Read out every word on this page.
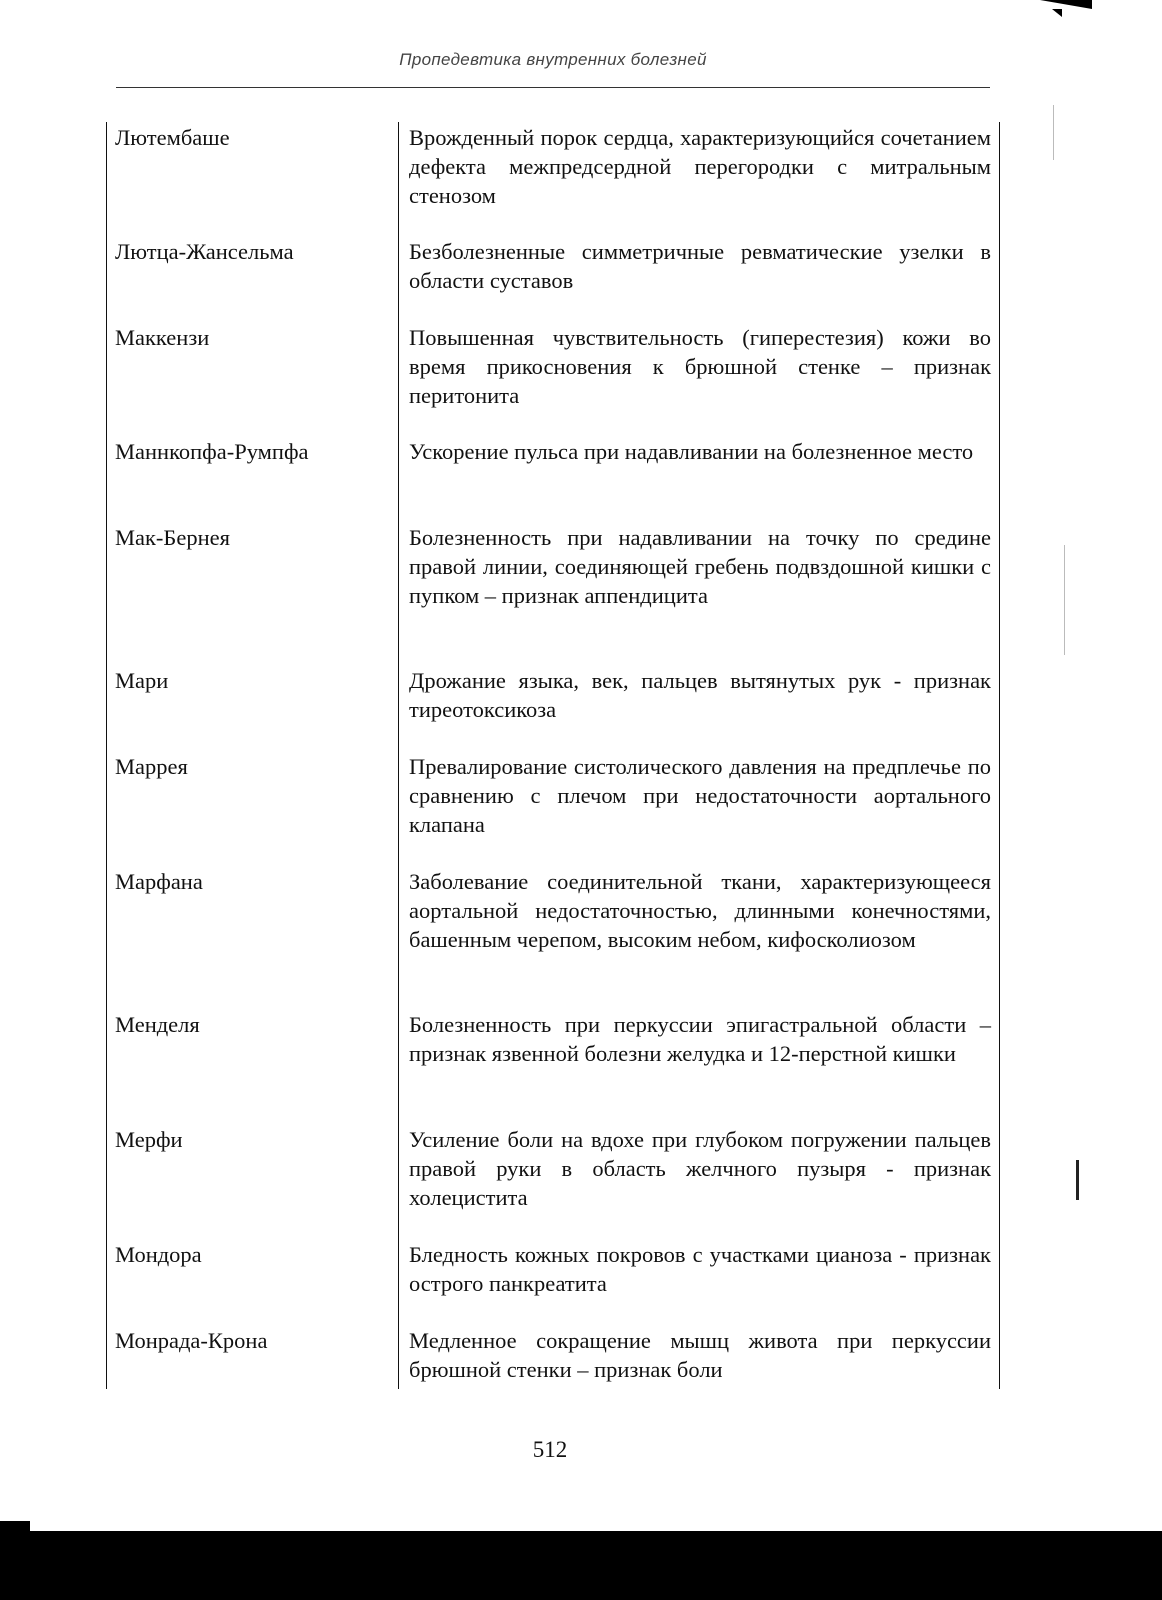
Пропедевтика внутренних болезней
Лютембаше	Врожденный порок сердца, характеризующийся сочетанием дефекта межпредсердной перегородки с митральным стенозом
Лютца-Жансельма	Безболезненные симметричные ревматические узелки в области суставов
Маккензи	Повышенная чувствительность (гиперестезия) кожи во время прикосновения к брюшной стенке – признак перитонита
Маннкопфа-Румпфа	Ускорение пульса при надавливании на болезненное место
Мак-Бернея	Болезненность при надавливании на точку по средине правой линии, соединяющей гребень подвздошной кишки с пупком – признак аппендицита
Мари	Дрожание языка, век, пальцев вытянутых рук - признак тиреотоксикоза
Маррея	Превалирование систолического давления на предплечье по сравнению с плечом при недостаточности аортального клапана
Марфана	Заболевание соединительной ткани, характеризующееся аортальной недостаточностью, длинными конечностями, башенным черепом, высоким небом, кифосколиозом
Менделя	Болезненность при перкуссии эпигастральной области – признак язвенной болезни желудка и 12-перстной кишки
Мерфи	Усиление боли на вдохе при глубоком погружении пальцев правой руки в область желчного пузыря - признак холецистита
Мондора	Бледность кожных покровов с участками цианоза - признак острого панкреатита
Монрада-Крона	Медленное сокращение мышц живота при перкуссии брюшной стенки – признак боли
512
